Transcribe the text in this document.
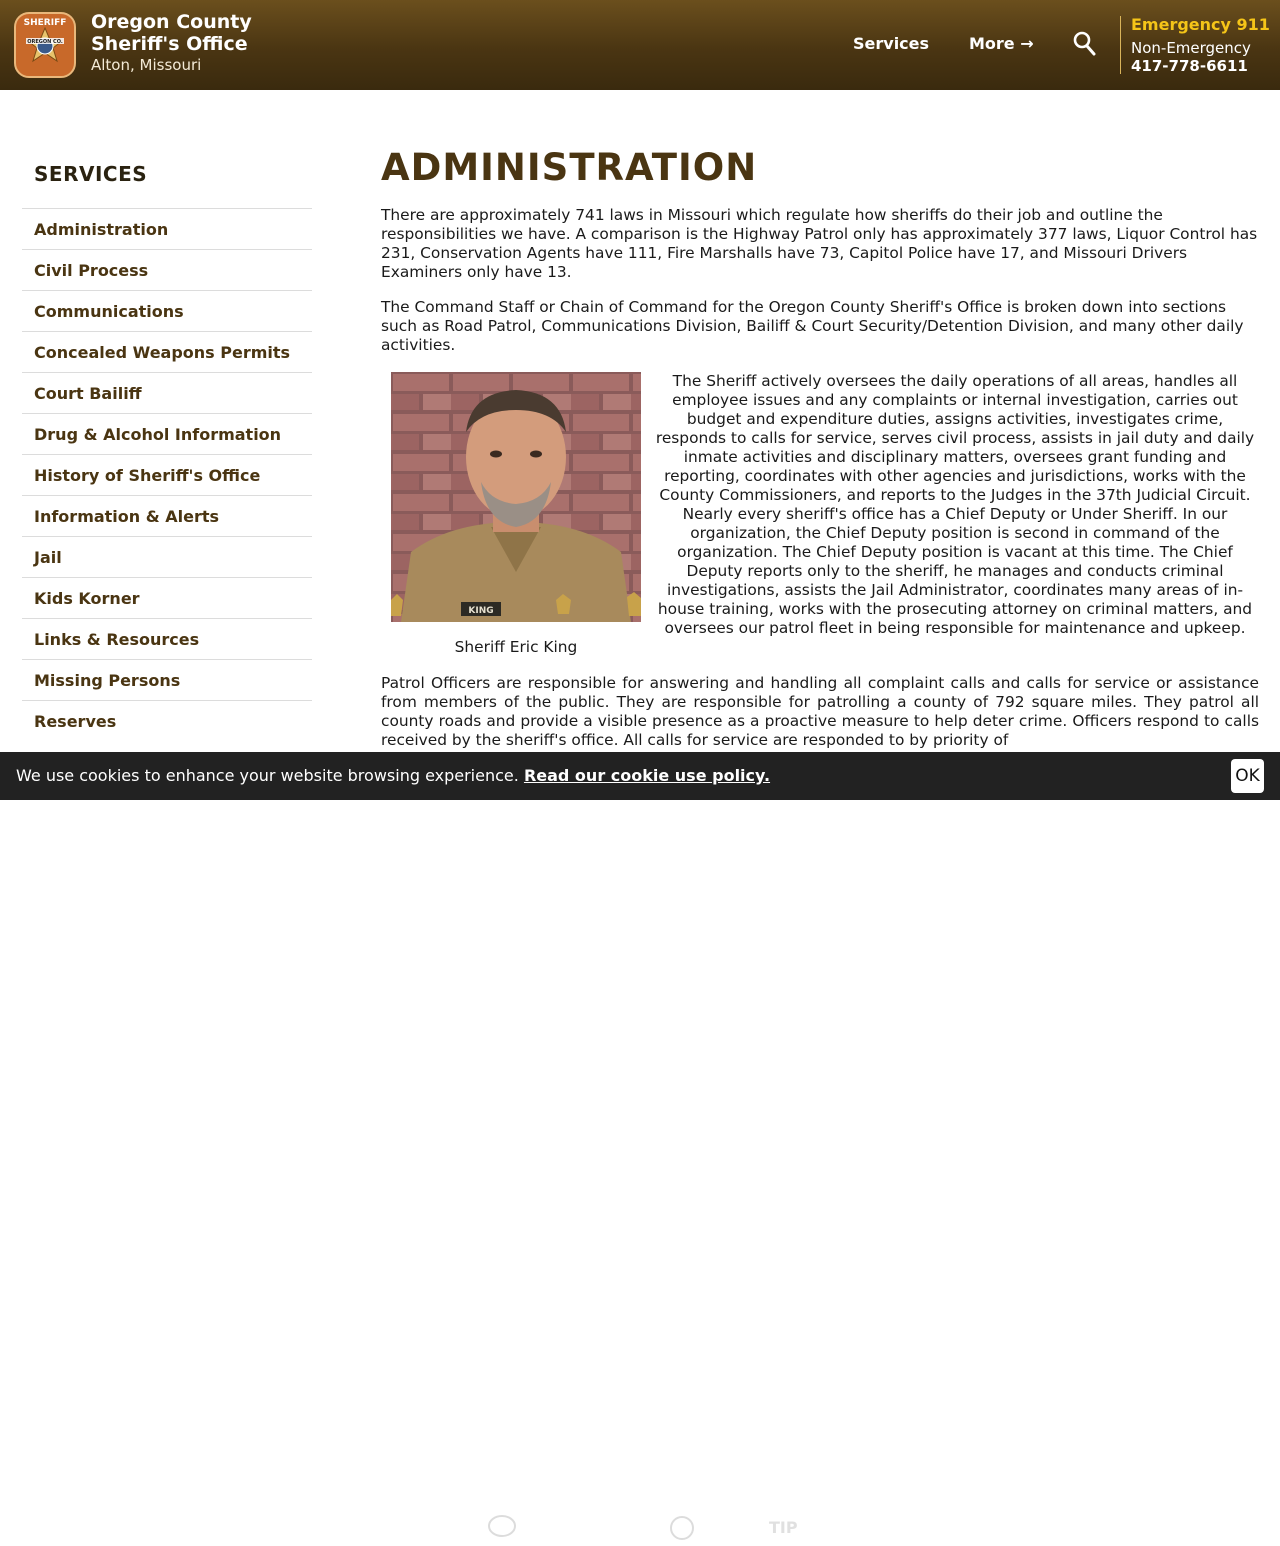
SHERIFF
OREGON CO.
Oregon County
Sheriff's Office
Alton, Missouri
Services More →
Emergency 911
Non-Emergency
417-778-6611
SERVICES
Administration
Civil Process
Communications
Concealed Weapons Permits
Court Bailiff
Drug & Alcohol Information
History of Sheriff's Office
Information & Alerts
Jail
Kids Korner
Links & Resources
Missing Persons
Reserves
ADMINISTRATION

There are approximately 741 laws in Missouri which regulate how sheriffs do their job and outline the responsibilities we have. A comparison is the Highway Patrol only has approximately 377 laws, Liquor Control has 231, Conservation Agents have 111, Fire Marshalls have 73, Capitol Police have 17, and Missouri Drivers Examiners only have 13.

The Command Staff or Chain of Command for the Oregon County Sheriff's Office is broken down into sections such as Road Patrol, Communications Division, Bailiff & Court Security/Detention Division, and many other daily activities.

KING
Sheriff Eric King

The Sheriff actively oversees the daily operations of all areas, handles all employee issues and any complaints or internal investigation, carries out budget and expenditure duties, assigns activities, investigates crime, responds to calls for service, serves civil process, assists in jail duty and daily inmate activities and disciplinary matters, oversees grant funding and reporting, coordinates with other agencies and jurisdictions, works with the County Commissioners, and reports to the Judges in the 37th Judicial Circuit. Nearly every sheriff's office has a Chief Deputy or Under Sheriff. In our organization, the Chief Deputy position is second in command of the organization. The Chief Deputy position is vacant at this time. The Chief Deputy reports only to the sheriff, he manages and conducts criminal investigations, assists the Jail Administrator, coordinates many areas of in-house training, works with the prosecuting attorney on criminal matters, and oversees our patrol fleet in being responsible for maintenance and upkeep.

Patrol Officers are responsible for answering and handling all complaint calls and calls for service or assistance from members of the public. They are responsible for patrolling a county of 792 square miles. They patrol all county roads and provide a visible presence as a proactive measure to help deter crime. Officers respond to calls received by the sheriff's office. All calls for service are responded to by priority of

We use cookies to enhance your website browsing experience. Read our cookie use policy.
TIP
OK
